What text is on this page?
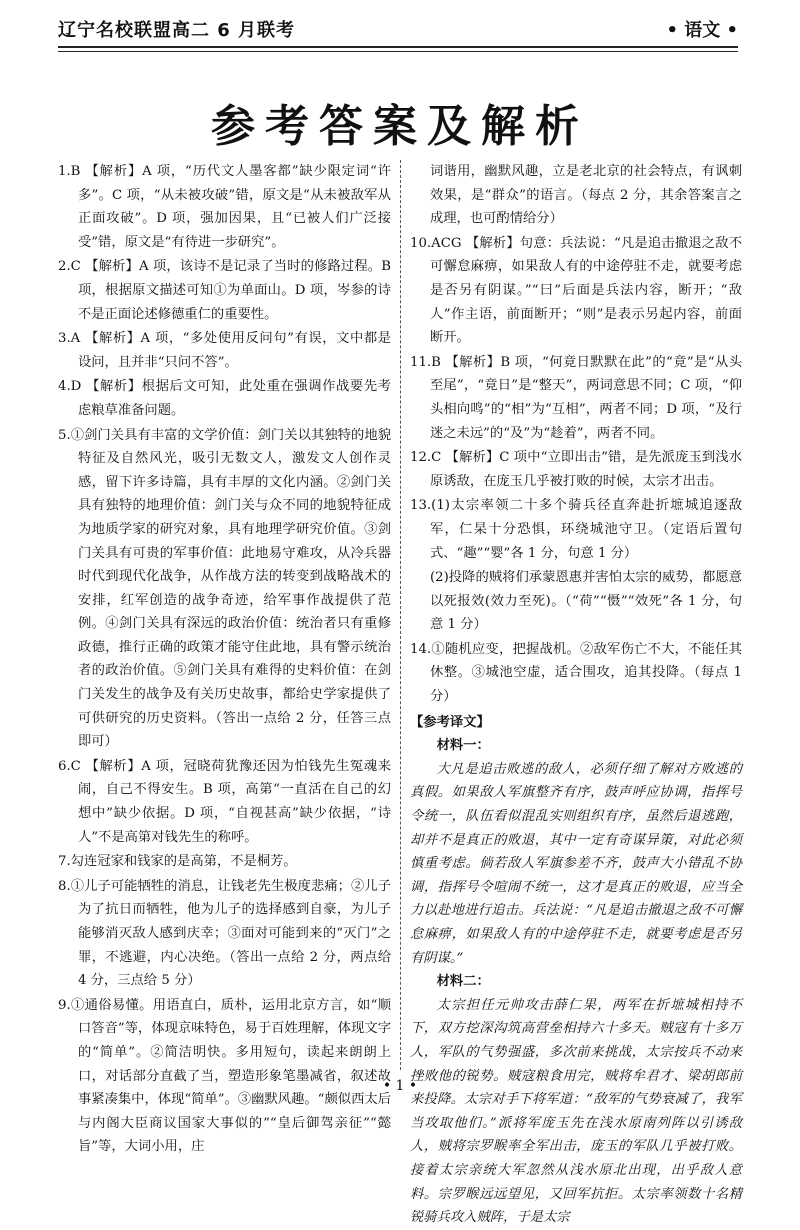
辽宁名校联盟高二 6 月联考	• 语文 •
参考答案及解析

1.B 【解析】A 项，“历代文人墨客都”缺少限定词“许多”。C 项，“从未被攻破”错，原文是“从未被敌军从正面攻破”。D 项，强加因果，且“已被人们广泛接受”错，原文是“有待进一步研究”。

2.C 【解析】A 项，该诗不是记录了当时的修路过程。B 项，根据原文描述可知①为单面山。D 项，岑参的诗不是正面论述修德重仁的重要性。

3.A 【解析】A 项，“多处使用反问句”有误，文中都是设问，且并非“只问不答”。

4.D 【解析】根据后文可知，此处重在强调作战要先考虑粮草准备问题。

5.①剑门关具有丰富的文学价值：剑门关以其独特的地貌特征及自然风光，吸引无数文人，激发文人创作灵感，留下许多诗篇，具有丰厚的文化内涵。②剑门关具有独特的地理价值：剑门关与众不同的地貌特征成为地质学家的研究对象，具有地理学研究价值。③剑门关具有可贵的军事价值：此地易守难攻，从冷兵器时代到现代化战争，从作战方法的转变到战略战术的安排，红军创造的战争奇迹，给军事作战提供了范例。④剑门关具有深远的政治价值：统治者只有重修政德，推行正确的政策才能守住此地，具有警示统治者的政治价值。⑤剑门关具有难得的史料价值：在剑门关发生的战争及有关历史故事，都给史学家提供了可供研究的历史资料。（答出一点给 2 分，任答三点即可）

6.C 【解析】A 项，冠晓荷犹豫还因为怕钱先生冤魂来闹，自己不得安生。B 项，高第“一直活在自己的幻想中”缺少依据。D 项，“自视甚高”缺少依据，“诗人”不是高第对钱先生的称呼。

7.勾连冠家和钱家的是高第，不是桐芳。

8.①儿子可能牺牲的消息，让钱老先生极度悲痛；②儿子为了抗日而牺牲，他为儿子的选择感到自豪，为儿子能够消灭敌人感到庆幸；③面对可能到来的“灭门”之罪，不逃避，内心决绝。（答出一点给 2 分，两点给 4 分，三点给 5 分）

9.①通俗易懂。用语直白，质朴，运用北京方言，如“顺口答音”等，体现京味特色，易于百姓理解，体现文字的“简单”。②简洁明快。多用短句，读起来朗朗上口，对话部分直截了当，塑造形象笔墨减省，叙述故事紧凑集中，体现“简单”。③幽默风趣。“颇似西太后与内阁大臣商议国家大事似的”“皇后御驾亲征”“懿旨”等，大词小用，庄

词谐用，幽默风趣，立是老北京的社会特点，有讽刺效果，是“群众”的语言。（每点 2 分，其余答案言之成理，也可酌情给分）

10.ACG 【解析】句意：兵法说：“凡是追击撤退之敌不可懈怠麻痹，如果敌人有的中途停驻不走，就要考虑是否另有阴谋。”“曰”后面是兵法内容，断开；“敌人”作主语，前面断开；“则”是表示另起内容，前面断开。

11.B 【解析】B 项，“何竟日默默在此”的“竟”是“从头至尾”，“竟日”是“整天”，两词意思不同；C 项，“仰头相向鸣”的“相”为“互相”，两者不同；D 项，“及行迷之未远”的“及”为“趁着”，两者不同。

12.C 【解析】C 项中“立即出击”错，是先派庞玉到浅水原诱敌，在庞玉几乎被打败的时候，太宗才出击。

13.(1)太宗率领二十多个骑兵径直奔赴折墌城追逐敌军，仁杲十分恐惧，环绕城池守卫。（定语后置句式、“趣”“婴”各 1 分，句意 1 分）

(2)投降的贼将们承蒙恩惠并害怕太宗的威势，都愿意以死报效(效力至死)。（“荷”“慑”“效死”各 1 分，句意 1 分）

14.①随机应变，把握战机。②敌军伤亡不大，不能任其休整。③城池空虚，适合围攻，追其投降。（每点 1 分）

【参考译文】

材料一：

大凡是追击败逃的敌人，必须仔细了解对方败逃的真假。如果敌人军旗整齐有序，鼓声呼应协调，指挥号令统一，队伍看似混乱实则组织有序，虽然后退逃跑，却并不是真正的败退，其中一定有奇谋异策，对此必须慎重考虑。倘若敌人军旗参差不齐，鼓声大小错乱不协调，指挥号令喧闹不统一，这才是真正的败退，应当全力以赴地进行追击。兵法说：“凡是追击撤退之敌不可懈怠麻痹，如果敌人有的中途停驻不走，就要考虑是否另有阴谋。”

材料二：

太宗担任元帅攻击薛仁果，两军在折墌城相持不下，双方挖深沟筑高营垒相持六十多天。贼寇有十多万人，军队的气势强盛，多次前来挑战，太宗按兵不动来挫败他的锐势。贼寇粮食用完，贼将牟君才、梁胡郎前来投降。太宗对手下将军道：“敌军的气势衰减了，我军当攻取他们。”派将军庞玉先在浅水原南列阵以引诱敌人，贼将宗罗睺率全军出击，庞玉的军队几乎被打败。接着太宗亲统大军忽然从浅水原北出现，出乎敌人意料。宗罗睺远远望见，又回军抗拒。太宗率领数十名精锐骑兵攻入贼阵，于是太宗

• 1 •
